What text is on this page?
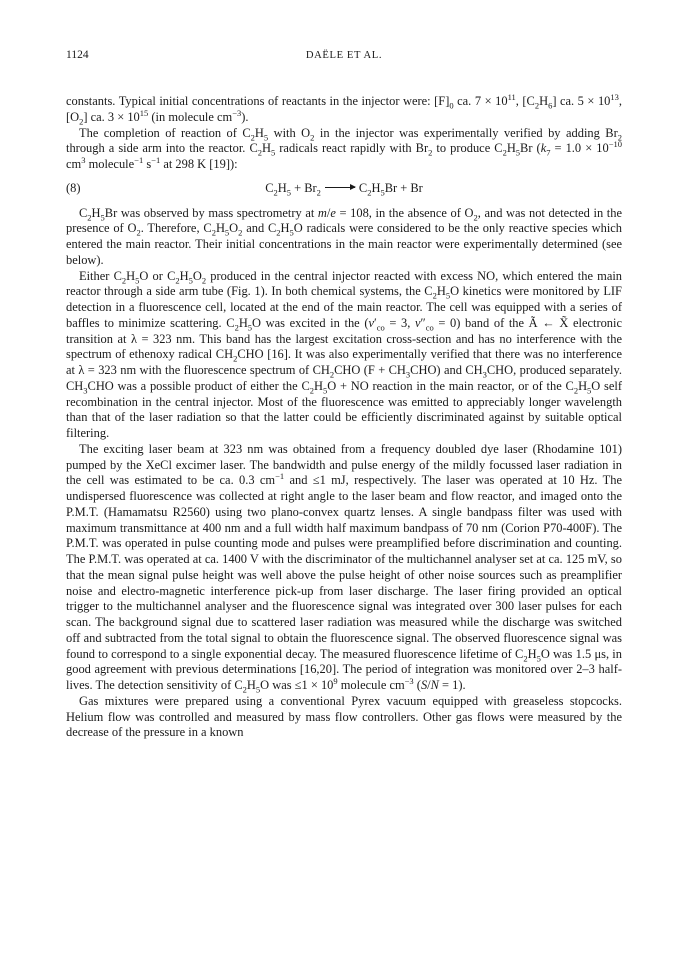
1124	DAËLE ET AL.

constants. Typical initial concentrations of reactants in the injector were: $[F]_0$ ca. $7 \times 10^{11}$, $[C_2H_6]$ ca. $5 \times 10^{13}$, $[O_2]$ ca. $3 \times 10^{15}$ (in molecule $cm^{-3}$).

The completion of reaction of $C_2H_5$ with $O_2$ in the injector was experimentally verified by adding $Br_2$ through a side arm into the reactor. $C_2H_5$ radicals react rapidly with $Br_2$ to produce $C_2H_5Br$ ($k_7 = 1.0 \times 10^{-10}$ $cm^3$ molecule$^{-1}$ $s^{-1}$ at 298 K [19]):

(8)	$C_2H_5 + Br_2 \to C_2H_5Br + Br$

$C_2H_5Br$ was observed by mass spectrometry at m/e = 108, in the absence of $O_2$, and was not detected in the presence of $O_2$. Therefore, $C_2H_5O_2$ and $C_2H_5O$ radicals were considered to be the only reactive species which entered the main reactor. Their initial concentrations in the main reactor were experimentally determined (see below).

Either $C_2H_5O$ or $C_2H_5O_2$ produced in the central injector reacted with excess NO, which entered the main reactor through a side arm tube (Fig. 1). In both chemical systems, the $C_2H_5O$ kinetics were monitored by LIF detection in a fluorescence cell, located at the end of the main reactor. The cell was equipped with a series of baffles to minimize scattering. $C_2H_5O$ was excited in the ($v'_{co} = 3$, $v''_{co} = 0$) band of the Ã ← X̃ electronic transition at λ = 323 nm. This band has the largest excitation cross-section and has no interference with the spectrum of ethenoxy radical $CH_2CHO$ [16]. It was also experimentally verified that there was no interference at λ = 323 nm with the fluorescence spectrum of $CH_2CHO$ $(F + CH_3CHO)$ and $CH_3CHO$, produced separately. $CH_3CHO$ was a possible product of either the $C_2H_5O$ + NO reaction in the main reactor, or of the $C_2H_5O$ self recombination in the central injector. Most of the fluorescence was emitted to appreciably longer wavelength than that of the laser radiation so that the latter could be efficiently discriminated against by suitable optical filtering.

The exciting laser beam at 323 nm was obtained from a frequency doubled dye laser (Rhodamine 101) pumped by the XeCl excimer laser. The bandwidth and pulse energy of the mildly focussed laser radiation in the cell was estimated to be ca. 0.3 $cm^{-1}$ and ≤1 mJ, respectively. The laser was operated at 10 Hz. The undispersed fluorescence was collected at right angle to the laser beam and flow reactor, and imaged onto the P.M.T. (Hamamatsu R2560) using two plano-convex quartz lenses. A single bandpass filter was used with maximum transmittance at 400 nm and a full width half maximum bandpass of 70 nm (Corion P70-400F). The P.M.T. was operated in pulse counting mode and pulses were preamplified before discrimination and counting. The P.M.T. was operated at ca. 1400 V with the discriminator of the multichannel analyser set at ca. 125 mV, so that the mean signal pulse height was well above the pulse height of other noise sources such as preamplifier noise and electro-magnetic interference pick-up from laser discharge. The laser firing provided an optical trigger to the multichannel analyser and the fluorescence signal was integrated over 300 laser pulses for each scan. The background signal due to scattered laser radiation was measured while the discharge was switched off and subtracted from the total signal to obtain the fluorescence signal. The observed fluorescence signal was found to correspond to a single exponential decay. The measured fluorescence lifetime of $C_2H_5O$ was 1.5 μs, in good agreement with previous determinations [16,20]. The period of integration was monitored over 2–3 half-lives. The detection sensitivity of $C_2H_5O$ was $\le 1 \times 10^9$ molecule $cm^{-3}$ (S/N = 1).

Gas mixtures were prepared using a conventional Pyrex vacuum equipped with greaseless stopcocks. Helium flow was controlled and measured by mass flow controllers. Other gas flows were measured by the decrease of the pressure in a known
